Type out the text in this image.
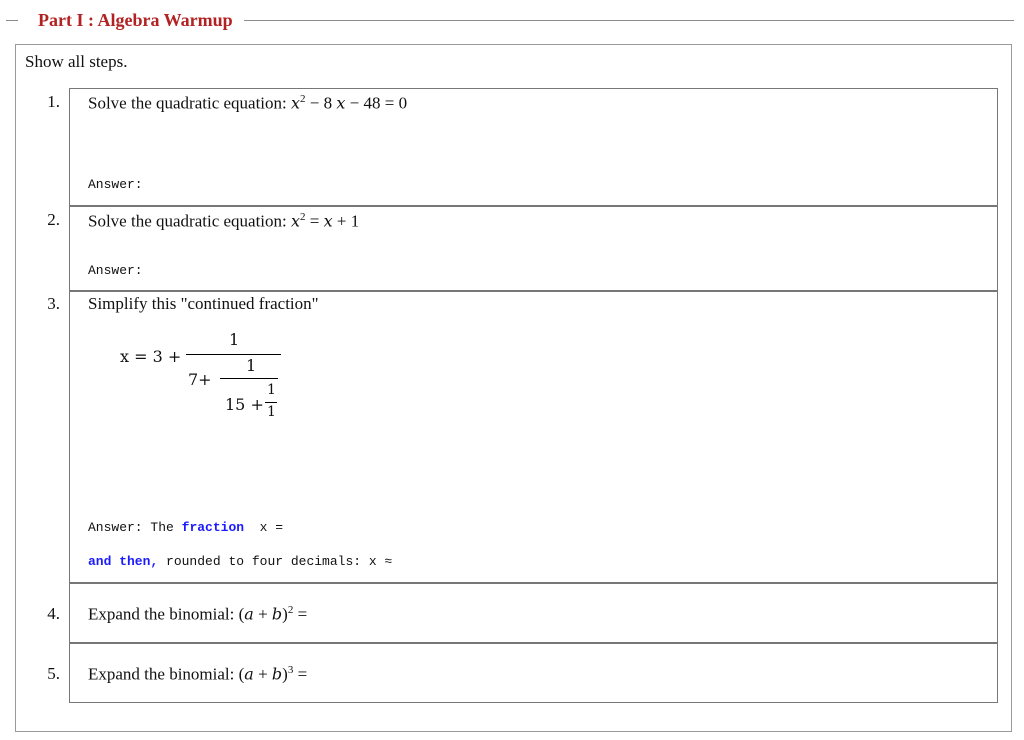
Part I : Algebra Warmup
Show all steps.
1. Solve the quadratic equation: $x^2 - 8$ x − 48 = 0
Answer:
2. Solve the quadratic equation: $x^2 = x + 1$
Answer:
3. Simplify this "continued fraction"
x = 3 +
1
7+
1
15 +
1
1
Answer: The fraction x =
and then, rounded to four decimals: x ≈
4. Expand the binomial: $(a + b)^2$ =
5. Expand the binomial: $(a + b)^3$ =
